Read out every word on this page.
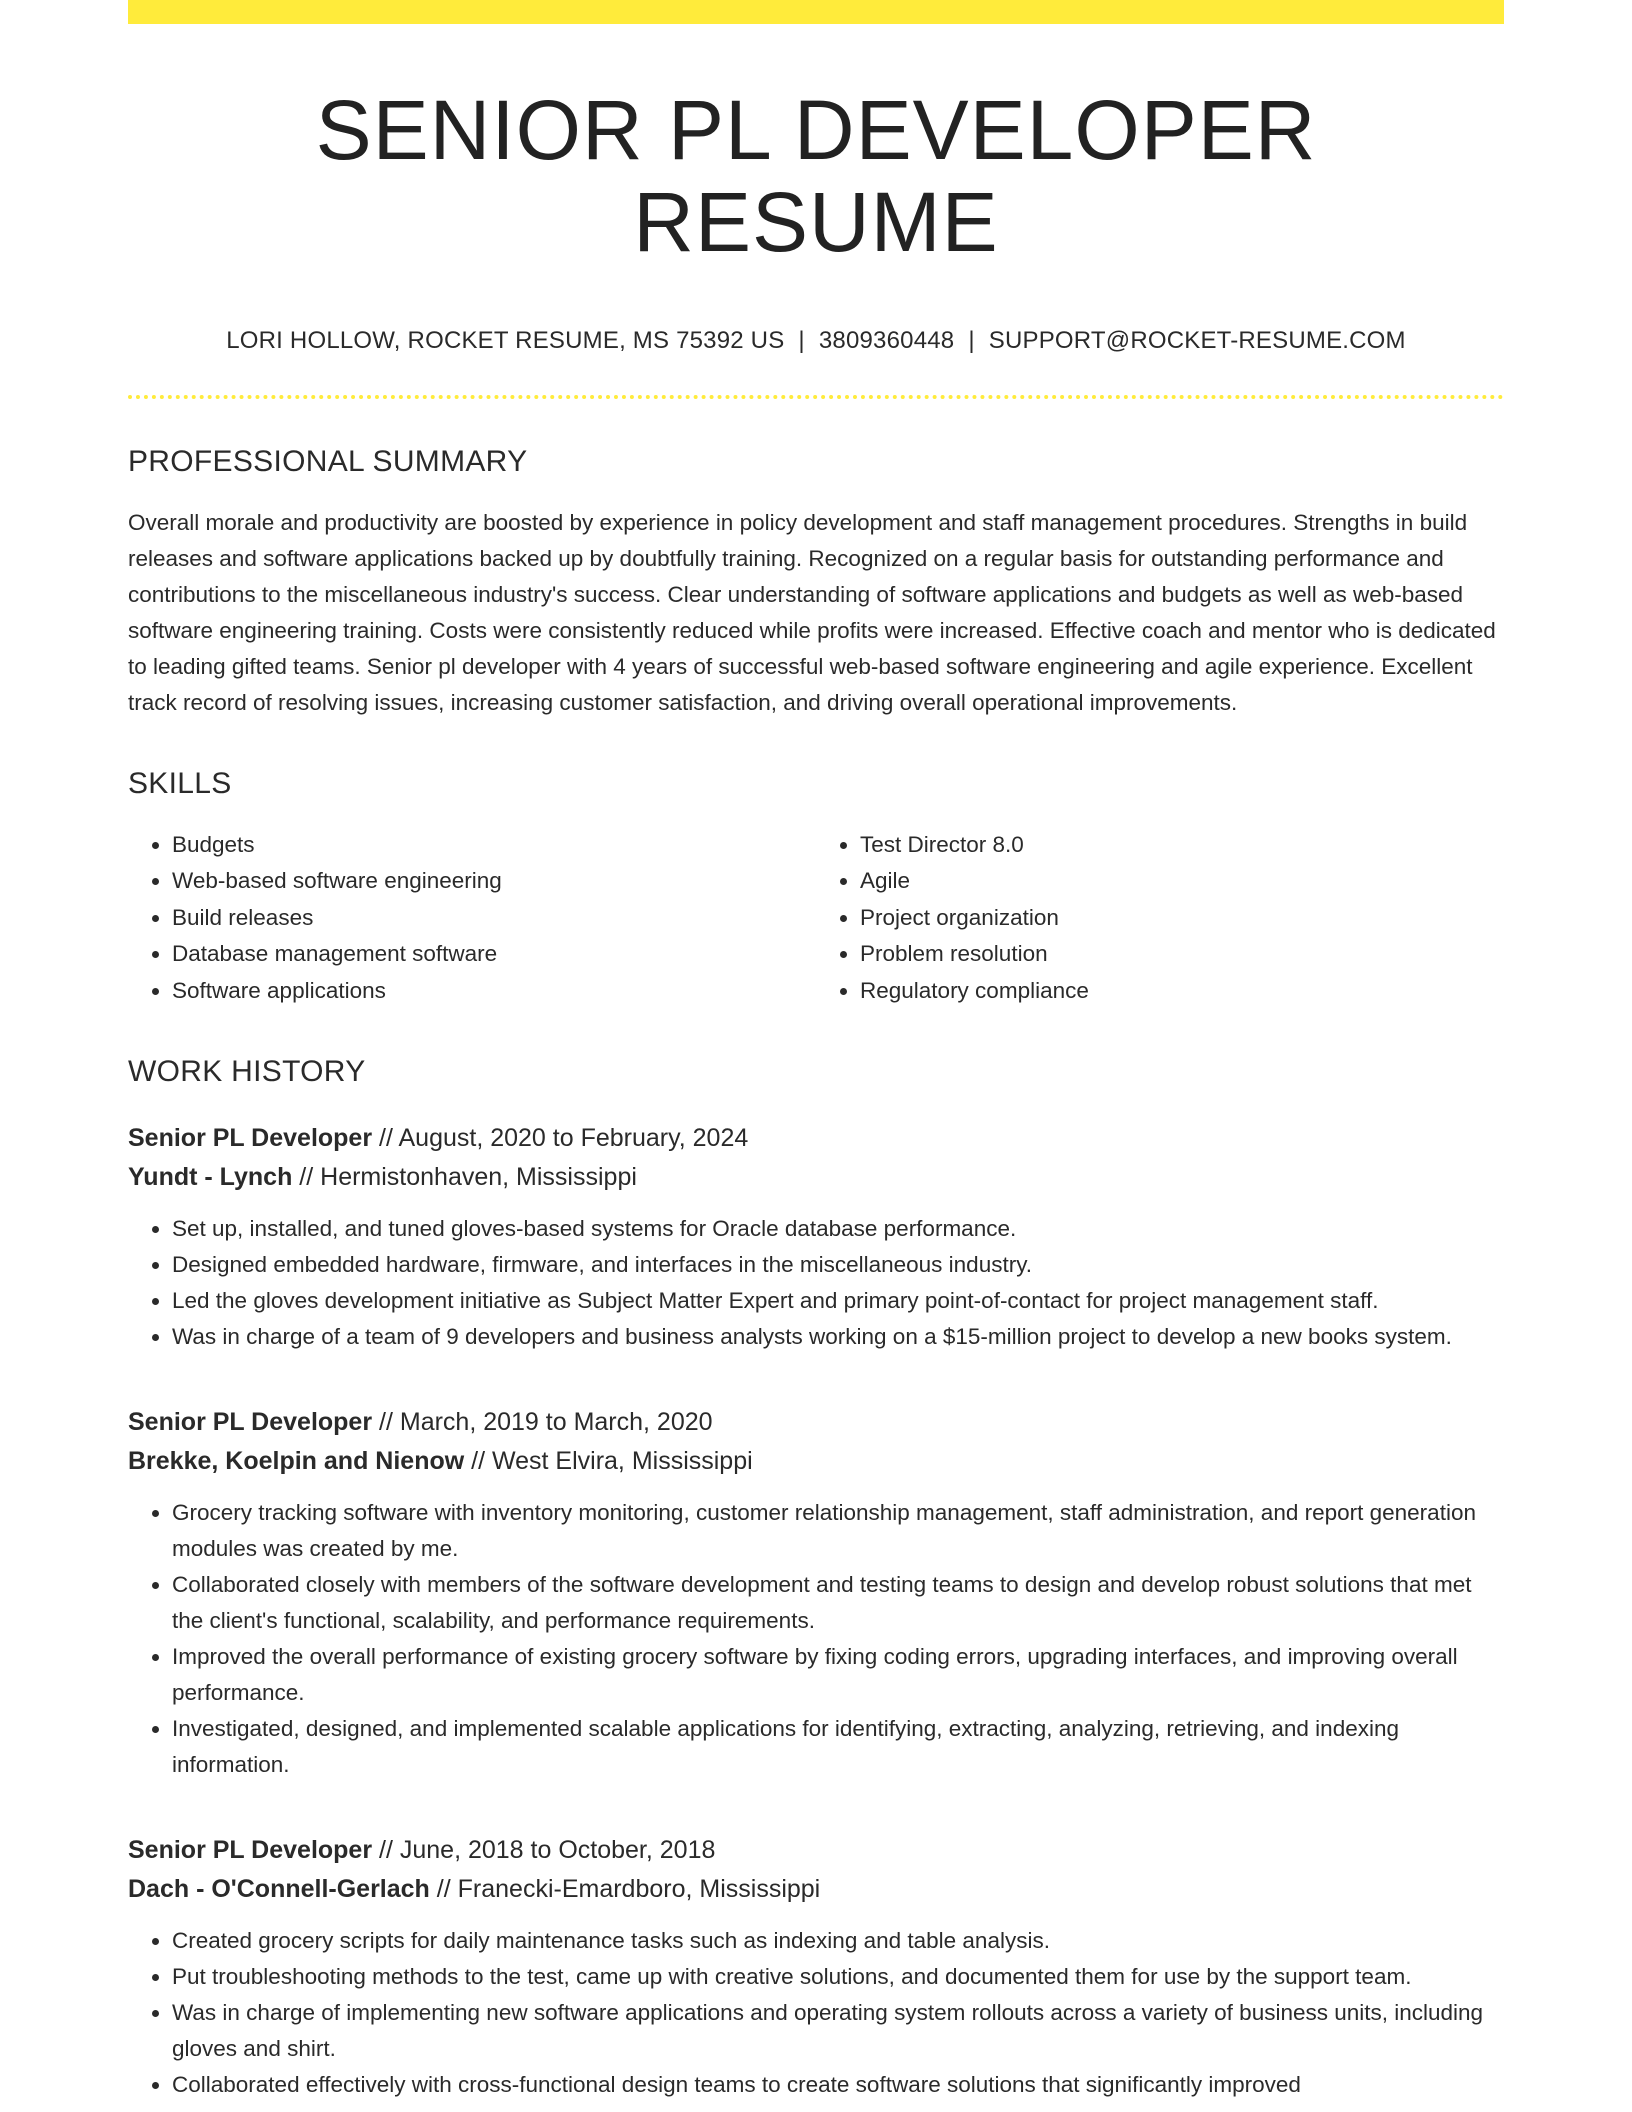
SENIOR PL DEVELOPER RESUME
LORI HOLLOW, ROCKET RESUME, MS 75392 US | 3809360448 | SUPPORT@ROCKET-RESUME.COM
PROFESSIONAL SUMMARY

Overall morale and productivity are boosted by experience in policy development and staff management procedures. Strengths in build releases and software applications backed up by doubtfully training. Recognized on a regular basis for outstanding performance and contributions to the miscellaneous industry's success. Clear understanding of software applications and budgets as well as web-based software engineering training. Costs were consistently reduced while profits were increased. Effective coach and mentor who is dedicated to leading gifted teams. Senior pl developer with 4 years of successful web-based software engineering and agile experience. Excellent track record of resolving issues, increasing customer satisfaction, and driving overall operational improvements.

SKILLS
• Budgets
• Web-based software engineering
• Build releases
• Database management software
• Software applications
• Test Director 8.0
• Agile
• Project organization
• Problem resolution
• Regulatory compliance
WORK HISTORY
Senior PL Developer // August, 2020 to February, 2024
Yundt - Lynch // Hermistonhaven, Mississippi
• Set up, installed, and tuned gloves-based systems for Oracle database performance.
• Designed embedded hardware, firmware, and interfaces in the miscellaneous industry.
• Led the gloves development initiative as Subject Matter Expert and primary point-of-contact for project management staff.
• Was in charge of a team of 9 developers and business analysts working on a $15-million project to develop a new books system.
Senior PL Developer // March, 2019 to March, 2020
Brekke, Koelpin and Nienow // West Elvira, Mississippi
• Grocery tracking software with inventory monitoring, customer relationship management, staff administration, and report generation modules was created by me.
• Collaborated closely with members of the software development and testing teams to design and develop robust solutions that met the client's functional, scalability, and performance requirements.
• Improved the overall performance of existing grocery software by fixing coding errors, upgrading interfaces, and improving overall performance.
• Investigated, designed, and implemented scalable applications for identifying, extracting, analyzing, retrieving, and indexing information.
Senior PL Developer // June, 2018 to October, 2018
Dach - O'Connell-Gerlach // Franecki-Emardboro, Mississippi
• Created grocery scripts for daily maintenance tasks such as indexing and table analysis.
• Put troubleshooting methods to the test, came up with creative solutions, and documented them for use by the support team.
• Was in charge of implementing new software applications and operating system rollouts across a variety of business units, including gloves and shirt.
• Collaborated effectively with cross-functional design teams to create software solutions that significantly improved
